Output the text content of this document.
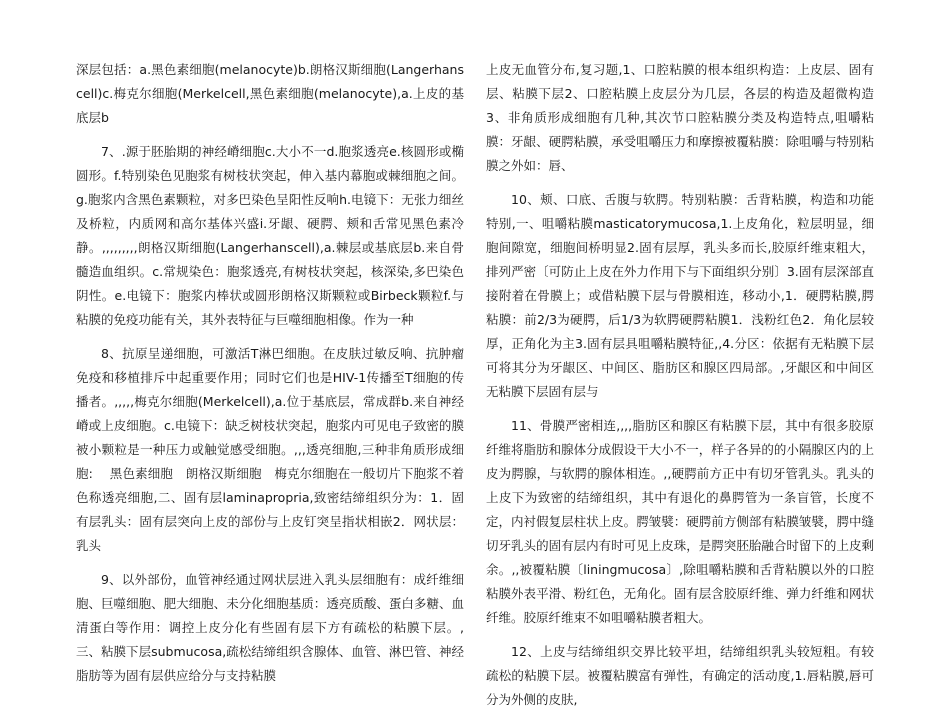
深层包括：a.黑色素细胞(melanocyte)b.朗格汉斯细胞(Langerhanscell)c.梅克尔细胞(Merkelcell,黑色素细胞(melanocyte),a.上皮的基底层b

7、.源于胚胎期的神经嵴细胞c.大小不一d.胞浆透亮e.核圆形或椭圆形。f.特别染色见胞浆有树枝状突起，伸入基内幕胞或棘细胞之间。g.胞浆内含黑色素颗粒，对多巴染色呈阳性反响h.电镜下：无张力细丝及桥粒，内质网和高尔基体兴盛i.牙龈、硬腭、颊和舌常见黑色素冷静。,,,,,,,,,朗格汉斯细胞(Langerhanscell),a.棘层或基底层b.来自骨髓造血组织。c.常规染色：胞浆透亮,有树枝状突起，核深染,多巴染色阴性。e.电镜下：胞浆内棒状或圆形朗格汉斯颗粒或Birbeck颗粒f.与粘膜的免疫功能有关，其外表特征与巨噬细胞相像。作为一种

8、抗原呈递细胞，可激活T淋巴细胞。在皮肤过敏反响、抗肿瘤免疫和移植排斥中起重要作用；同时它们也是HIV-1传播至T细胞的传播者。,,,,,梅克尔细胞(Merkelcell),a.位于基底层，常成群b.来自神经嵴或上皮细胞。c.电镜下：缺乏树枝状突起，胞浆内可见电子致密的膜被小颗粒是一种压力或触觉感受细胞。,,,透亮细胞,三种非角质形成细胞:　 黑色素细胞　朗格汉斯细胞　梅克尔细胞在一般切片下胞浆不着色称透亮细胞,二、固有层laminapropria,致密结缔组织分为：1．固有层乳头：固有层突向上皮的部份与上皮钉突呈指状相嵌2．网状层：乳头

9、以外部份，血管神经通过网状层进入乳头层细胞有：成纤维细胞、巨噬细胞、肥大细胞、未分化细胞基质：透亮质酸、蛋白多糖、血清蛋白等作用：调控上皮分化有些固有层下方有疏松的粘膜下层。,三、粘膜下层submucosa,疏松结缔组织含腺体、血管、淋巴管、神经脂肪等为固有层供应给分与支持粘膜

上皮无血管分布,复习题,1、口腔粘膜的根本组织构造：上皮层、固有层、粘膜下层2、口腔粘膜上皮层分为几层，各层的构造及超微构造3、非角质形成细胞有几种,其次节口腔粘膜分类及构造特点,咀嚼粘膜：牙龈、硬腭粘膜，承受咀嚼压力和摩擦被覆粘膜：除咀嚼与特别粘膜之外如：唇、

10、颊、口底、舌腹与软腭。特别粘膜：舌背粘膜，构造和功能特别,一、咀嚼粘膜masticatorymucosa,1.上皮角化，粒层明显，细胞间隙宽，细胞间桥明显2.固有层厚，乳头多而长,胶原纤维束粗大，排列严密〔可防止上皮在外力作用下与下面组织分别〕3.固有层深部直接附着在骨膜上；或借粘膜下层与骨膜相连，移动小,1．硬腭粘膜,腭粘膜：前2/3为硬腭，后1/3为软腭硬腭粘膜1．浅粉红色2．角化层较厚，正角化为主3.固有层具咀嚼粘膜特征,,4.分区：依据有无粘膜下层可将其分为牙龈区、中间区、脂肪区和腺区四局部。,牙龈区和中间区无粘膜下层固有层与

11、骨膜严密相连,,,,脂肪区和腺区有粘膜下层，其中有很多胶原纤维将脂肪和腺体分成假设干大小不一，样子各异的的小隔腺区内的上皮为腭腺，与软腭的腺体相连。,,硬腭前方正中有切牙管乳头。乳头的上皮下为致密的结缔组织，其中有退化的鼻腭管为一条盲管，长度不定，内衬假复层柱状上皮。腭皱襞：硬腭前方侧部有粘膜皱襞，腭中缝切牙乳头的固有层内有时可见上皮珠，是腭突胚胎融合时留下的上皮剩余。,,被覆粘膜〔liningmucosa〕,除咀嚼粘膜和舌背粘膜以外的口腔粘膜外表平滑、粉红色，无角化。固有层含胶原纤维、弹力纤维和网状纤维。胶原纤维束不如咀嚼粘膜者粗大。

12、上皮与结缔组织交界比较平坦，结缔组织乳头较短粗。有较疏松的粘膜下层。被覆粘膜富有弹性，有确定的活动度,1.唇粘膜,唇可分为外侧的皮肤,
